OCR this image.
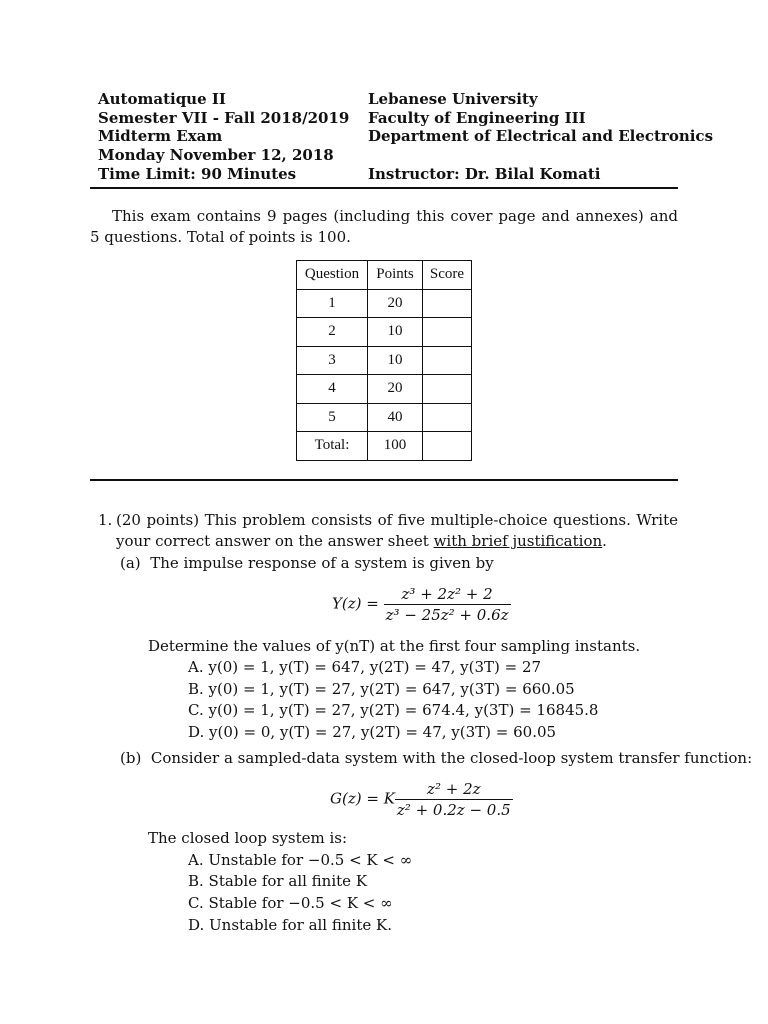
Automatique II
Semester VII - Fall 2018/2019
Midterm Exam
Monday November 12, 2018
Time Limit: 90 Minutes
Lebanese University
Faculty of Engineering III
Department of Electrical and Electronics
Instructor: Dr. Bilal Komati
This exam contains 9 pages (including this cover page and annexes) and 5 questions. Total of points is 100.
Question	Points	Score
1	20	
2	10	
3	10	
4	20	
5	40	
Total:	100	
1. (20 points) This problem consists of five multiple-choice questions. Write your correct answer on the answer sheet with brief justification.
(a) The impulse response of a system is given by
$Y(z) = \frac{\text{z³ + 2z² + 2}}{\text{z³ − 25z² + 0.6z}}$
Determine the values of y(nT) at the first four sampling instants.
A. y(0) = 1, y(T) = 647, y(2T) = 47, y(3T) = 27
B. y(0) = 1, y(T) = 27, y(2T) = 647, y(3T) = 660.05
C. y(0) = 1, y(T) = 27, y(2T) = 674.4, y(3T) = 16845.8
D. y(0) = 0, y(T) = 27, y(2T) = 47, y(3T) = 60.05
(b) Consider a sampled-data system with the closed-loop system transfer function:
G(z) = K $\frac{\text{z² + 2z}}{\text{z² + 0.2z − 0.5}}$
The closed loop system is:
A. Unstable for −0.5 < K < ∞
B. Stable for all finite K
C. Stable for −0.5 < K < ∞
D. Unstable for all finite K.
